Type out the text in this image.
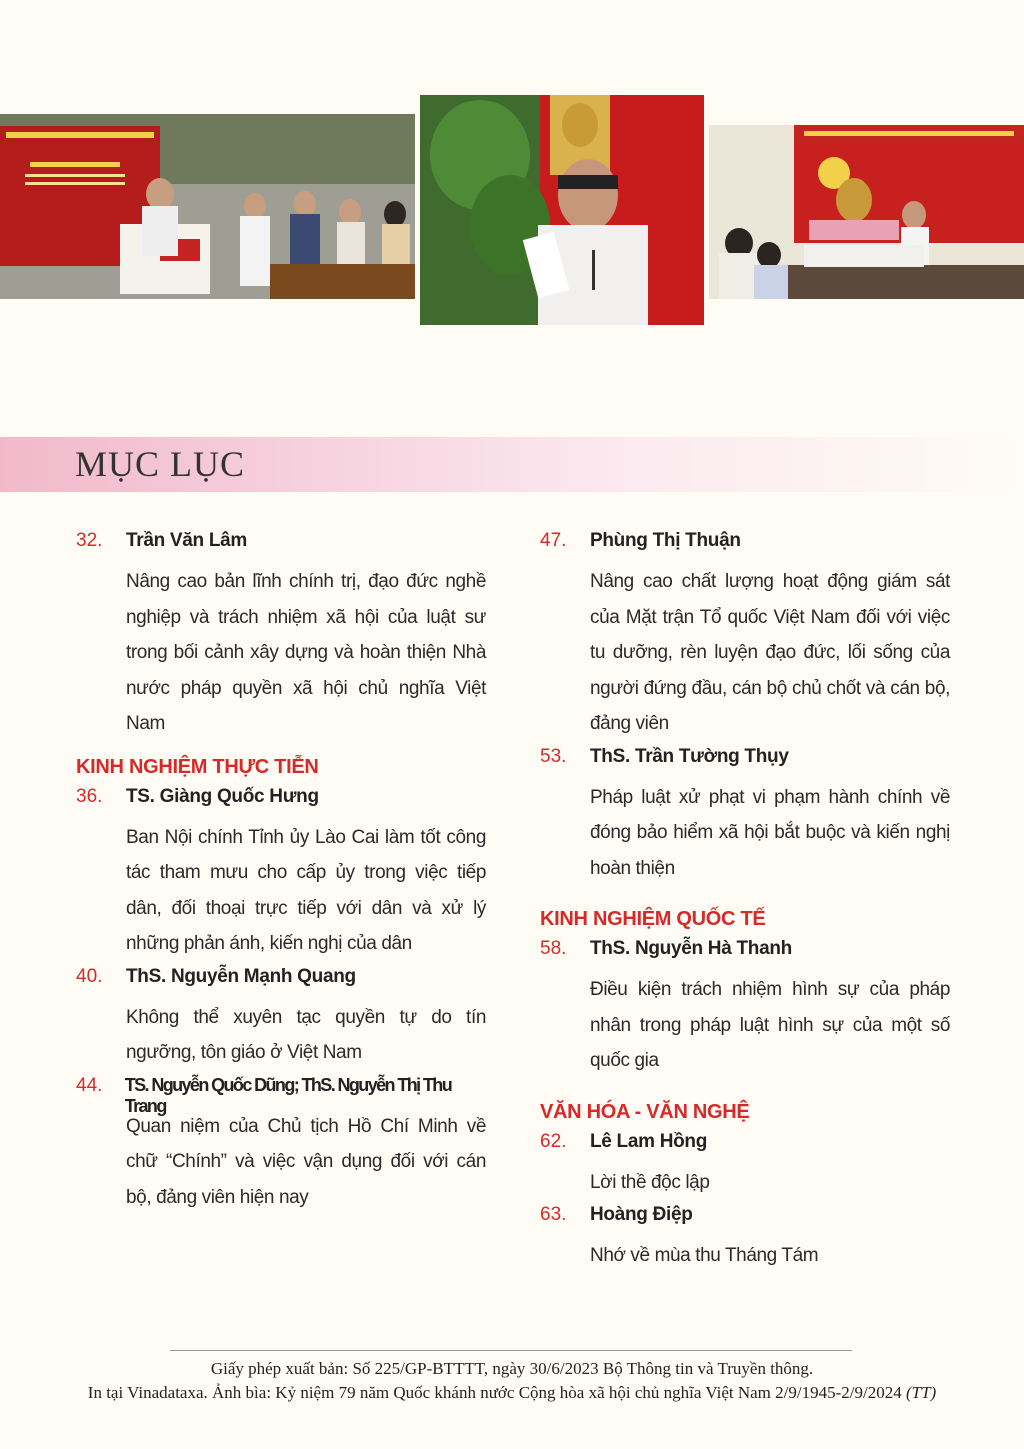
MỤC LỤC
32.	Trần Văn Lâm
Nâng cao bản lĩnh chính trị, đạo đức nghề nghiệp và trách nhiệm xã hội của luật sư trong bối cảnh xây dựng và hoàn thiện Nhà nước pháp quyền xã hội chủ nghĩa Việt Nam
KINH NGHIỆM THỰC TIỄN
36.	TS. Giàng Quốc Hưng
Ban Nội chính Tỉnh ủy Lào Cai làm tốt công tác tham mưu cho cấp ủy trong việc tiếp dân, đối thoại trực tiếp với dân và xử lý những phản ánh, kiến nghị của dân
40.	ThS. Nguyễn Mạnh Quang
Không thể xuyên tạc quyền tự do tín ngưỡng, tôn giáo ở Việt Nam
44.	TS. Nguyễn Quốc Dũng; ThS. Nguyễn Thị Thu Trang
Quan niệm của Chủ tịch Hồ Chí Minh về chữ “Chính” và việc vận dụng đối với cán bộ, đảng viên hiện nay
47.	Phùng Thị Thuận
Nâng cao chất lượng hoạt động giám sát của Mặt trận Tổ quốc Việt Nam đối với việc tu dưỡng, rèn luyện đạo đức, lối sống của người đứng đầu, cán bộ chủ chốt và cán bộ, đảng viên
53.	ThS. Trần Tường Thụy
Pháp luật xử phạt vi phạm hành chính về đóng bảo hiểm xã hội bắt buộc và kiến nghị hoàn thiện
KINH NGHIỆM QUỐC TẾ
58.	ThS. Nguyễn Hà Thanh
Điều kiện trách nhiệm hình sự của pháp nhân trong pháp luật hình sự của một số quốc gia
VĂN HÓA - VĂN NGHỆ
62.	Lê Lam Hồng
Lời thề độc lập
63.	Hoàng Điệp
Nhớ về mùa thu Tháng Tám
Giấy phép xuất bản: Số 225/GP-BTTTT, ngày 30/6/2023 Bộ Thông tin và Truyền thông.
In tại Vinadataxa. Ảnh bìa: Kỷ niệm 79 năm Quốc khánh nước Cộng hòa xã hội chủ nghĩa Việt Nam 2/9/1945-2/9/2024 (TT)
